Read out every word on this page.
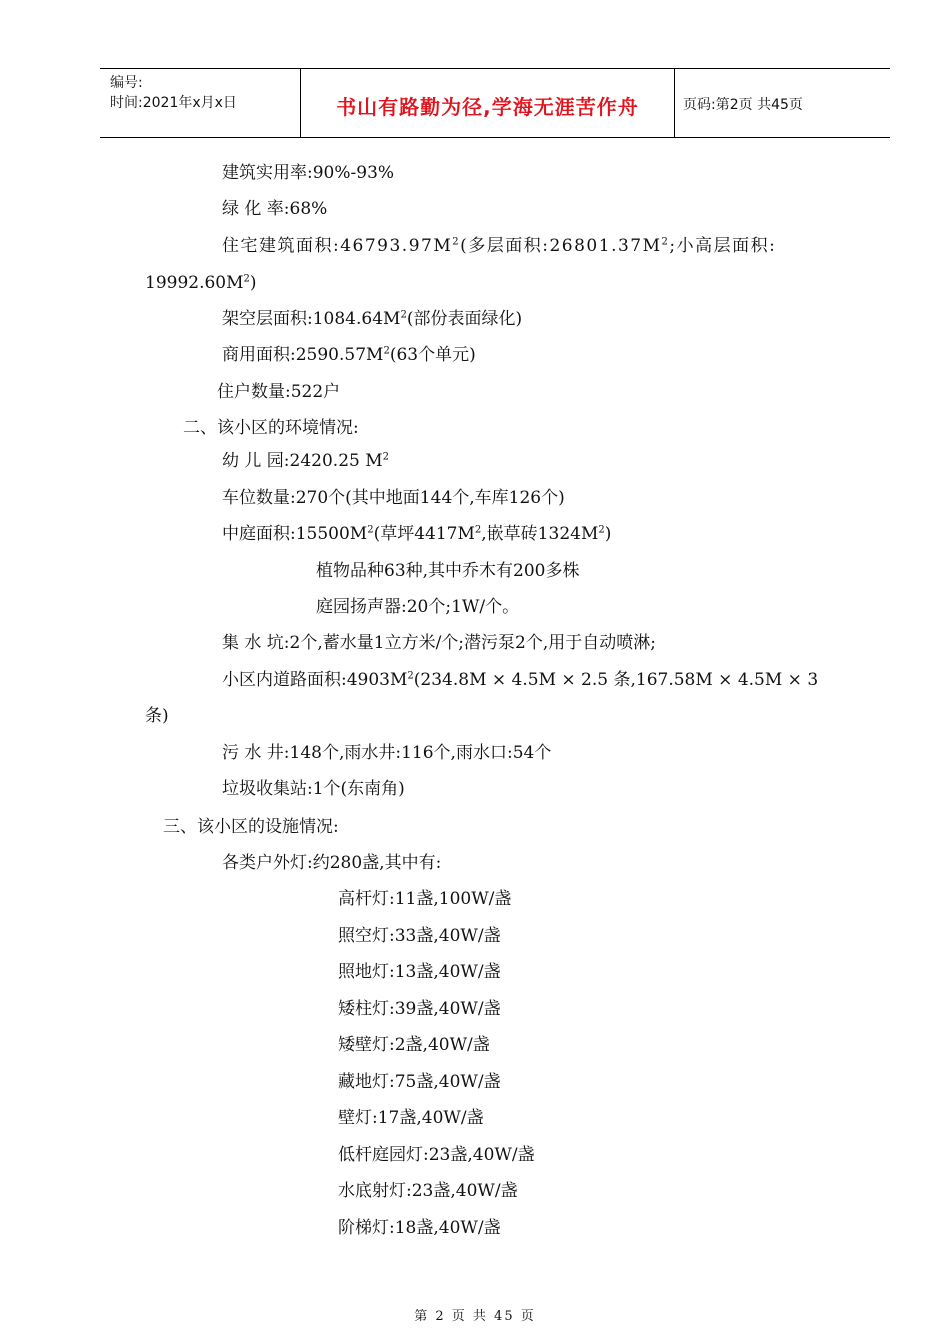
编号:
时间:2021年x月x日	书山有路勤为径,学海无涯苦作舟	页码:第2页 共45页
建筑实用率:90%-93%
绿 化 率:68%
住宅建筑面积$:46793.97M^2$(多层面积$:26801.37M^2$;小高层面积:
$19992.60M^2$)
架空层面积$:1084.64M^2$(部份表面绿化)
商用面积$:2590.57M^2(63$个单元)
住户数量:522户
二、该小区的环境情况:
幼 儿 园:2420.25 $M^2$
车位数量:270个(其中地面144个,车库126个)
中庭面积$:15500M^2$(草坪$4417M^2$,嵌草砖$1324M^2$)
植物品种63种,其中乔木有200多株
庭园扬声器:20个;1W/个。
集 水 坑:2个,蓄水量1立方米/个;潜污泵2个,用于自动喷淋;
小区内道路面积$:4903M^2(234.8M \times 4.5M \times 2.5$ 条,167.58M × 4.5M × 3
条)
污 水 井:148个,雨水井:116个,雨水口:54个
垃圾收集站:1个(东南角)
三、该小区的设施情况:
各类户外灯:约280盏,其中有:
高杆灯:11盏,100W/盏
照空灯:33盏,40W/盏
照地灯:13盏,40W/盏
矮柱灯:39盏,40W/盏
矮壁灯:2盏,40W/盏
藏地灯:75盏,40W/盏
壁灯:17盏,40W/盏
低杆庭园灯:23盏,40W/盏
水底射灯:23盏,40W/盏
阶梯灯:18盏,40W/盏
第 2 页 共 45 页
